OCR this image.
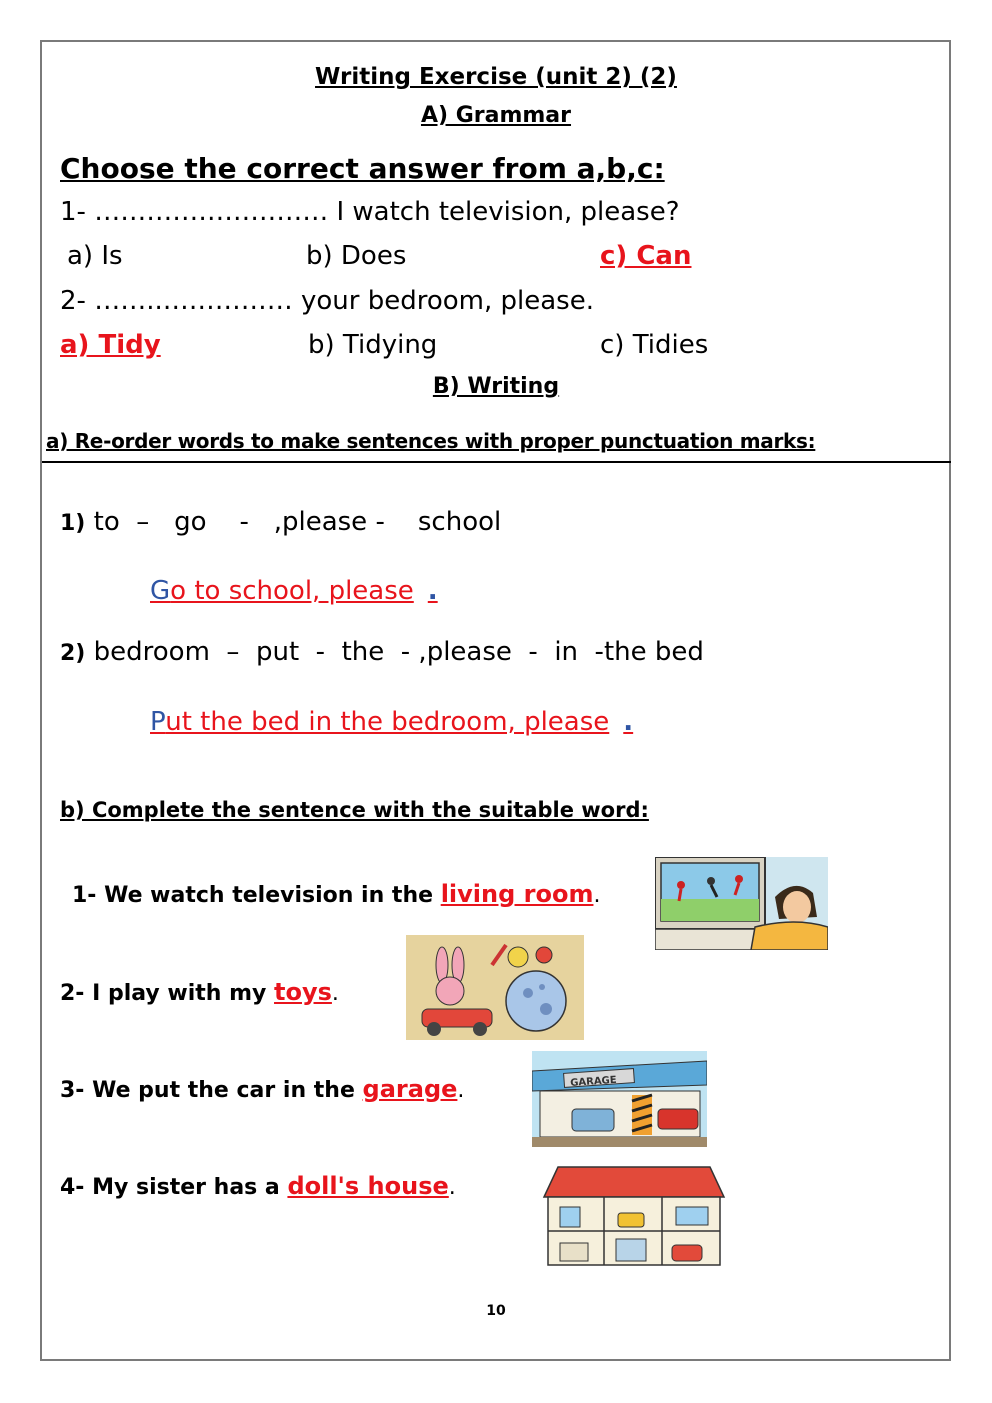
Writing Exercise (unit 2) (2)
A) Grammar
Choose the correct answer from a,b,c:
1- ……………………… I watch television, please?
a) Is	b) Does	c) Can
2- ……..…………… your bedroom, please.
a) Tidy	b) Tidying	c) Tidies
B) Writing
a) Re-order words to make sentences with proper punctuation marks:
1) to  –   go    -   ,please -    school
Go to school, please .
2) bedroom  –  put  -  the  - ,please  -  in  -the bed
Put the bed in the bedroom, please .
b) Complete the sentence with the suitable word:
1- We watch television in the living room.
2- I play with my toys.
3- We put the car in the garage.
4- My sister has a doll's house.
GARAGE
10
